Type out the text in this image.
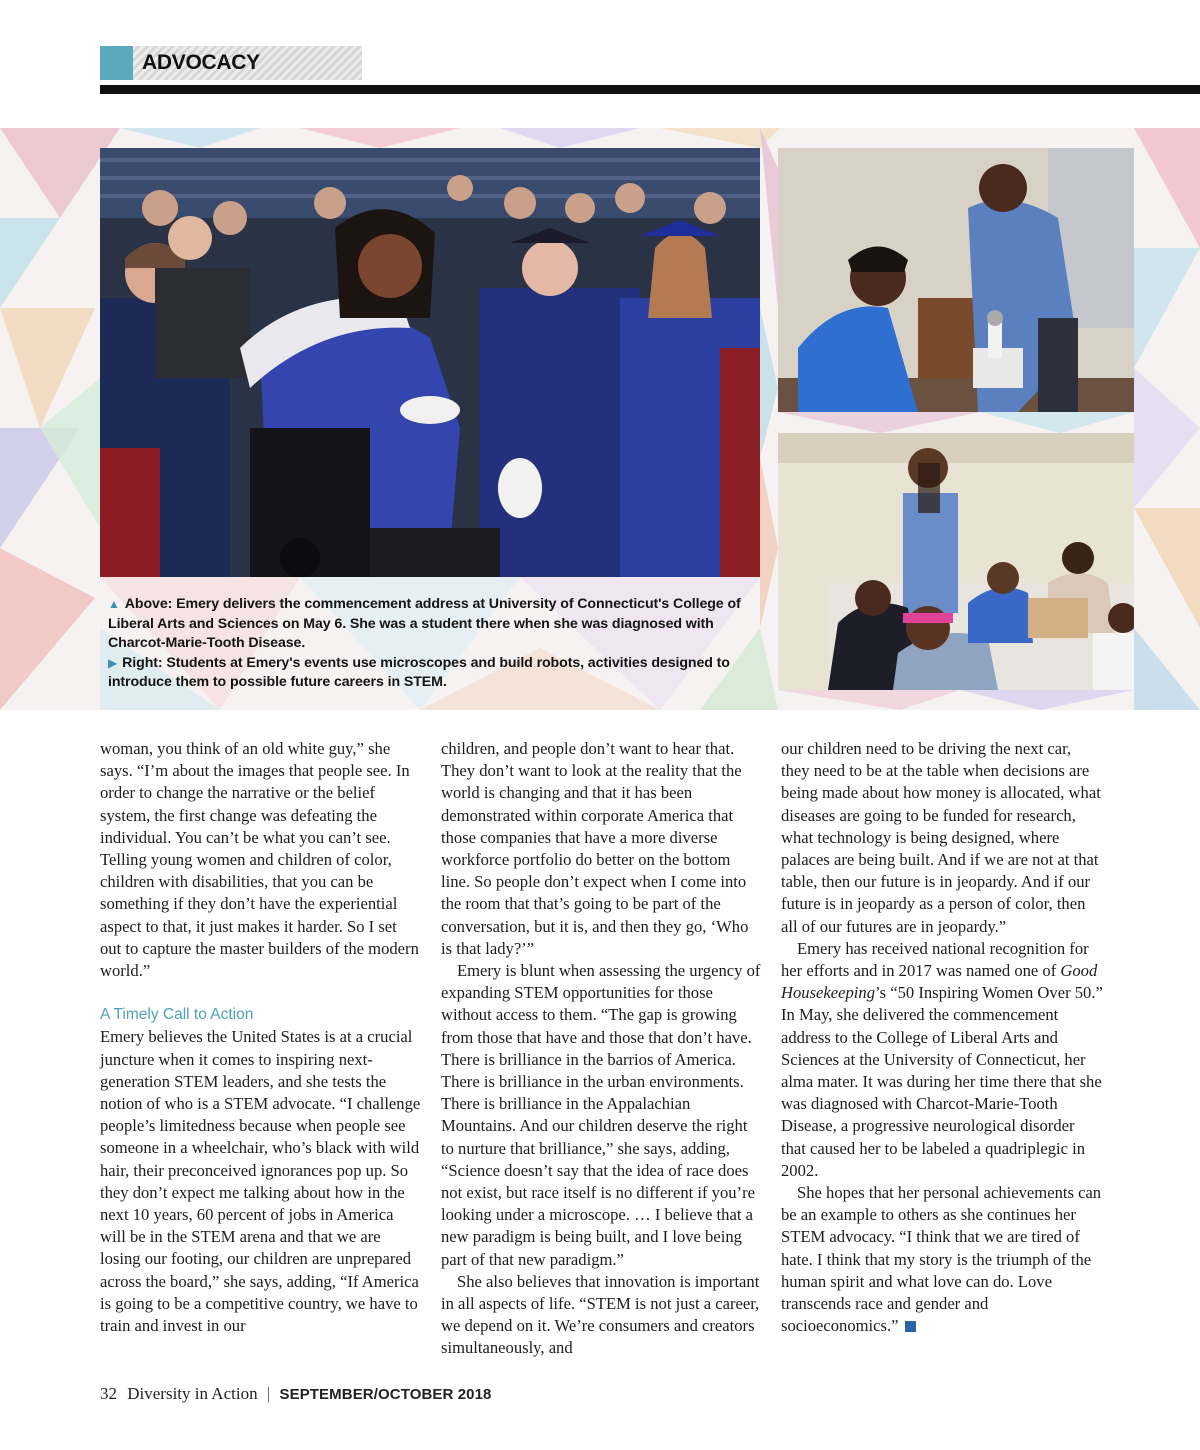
ADVOCACY
▲ Above: Emery delivers the commencement address at University of Connecticut's College of Liberal Arts and Sciences on May 6. She was a student there when she was diagnosed with Charcot-Marie-Tooth Disease.
▶ Right: Students at Emery's events use microscopes and build robots, activities designed to introduce them to possible future careers in STEM.

woman, you think of an old white guy,” she says. “I’m about the images that people see. In order to change the narrative or the belief system, the first change was defeating the individual. You can’t be what you can’t see. Telling young women and children of color, children with disabilities, that you can be something if they don’t have the experiential aspect to that, it just makes it harder. So I set out to capture the master builders of the modern world.”

A Timely Call to Action

Emery believes the United States is at a crucial juncture when it comes to inspiring next-generation STEM leaders, and she tests the notion of who is a STEM advocate. “I challenge people’s limitedness because when people see someone in a wheelchair, who’s black with wild hair, their preconceived ignorances pop up. So they don’t expect me talking about how in the next 10 years, 60 percent of jobs in America will be in the STEM arena and that we are losing our footing, our children are unprepared across the board,” she says, adding, “If America is going to be a competitive country, we have to train and invest in our

children, and people don’t want to hear that. They don’t want to look at the reality that the world is changing and that it has been demonstrated within corporate America that those companies that have a more diverse workforce portfolio do better on the bottom line. So people don’t expect when I come into the room that that’s going to be part of the conversation, but it is, and then they go, ‘Who is that lady?’”

Emery is blunt when assessing the urgency of expanding STEM opportunities for those without access to them. “The gap is growing from those that have and those that don’t have. There is brilliance in the barrios of America. There is brilliance in the urban environments. There is brilliance in the Appalachian Mountains. And our children deserve the right to nurture that brilliance,” she says, adding, “Science doesn’t say that the idea of race does not exist, but race itself is no different if you’re looking under a microscope. … I believe that a new paradigm is being built, and I love being part of that new paradigm.”

She also believes that innovation is important in all aspects of life. “STEM is not just a career, we depend on it. We’re consumers and creators simultaneously, and

our children need to be driving the next car, they need to be at the table when decisions are being made about how money is allocated, what diseases are going to be funded for research, what technology is being designed, where palaces are being built. And if we are not at that table, then our future is in jeopardy. And if our future is in jeopardy as a person of color, then all of our futures are in jeopardy.”

Emery has received national recognition for her efforts and in 2017 was named one of Good Housekeeping’s “50 Inspiring Women Over 50.” In May, she delivered the commencement address to the College of Liberal Arts and Sciences at the University of Connecticut, her alma mater. It was during her time there that she was diagnosed with Charcot-Marie-Tooth Disease, a progressive neurological disorder that caused her to be labeled a quadriplegic in 2002.

She hopes that her personal achievements can be an example to others as she continues her STEM advocacy. “I think that we are tired of hate. I think that my story is the triumph of the human spirit and what love can do. Love transcends race and gender and socioeconomics.”

32 Diversity in Action | SEPTEMBER/OCTOBER 2018
